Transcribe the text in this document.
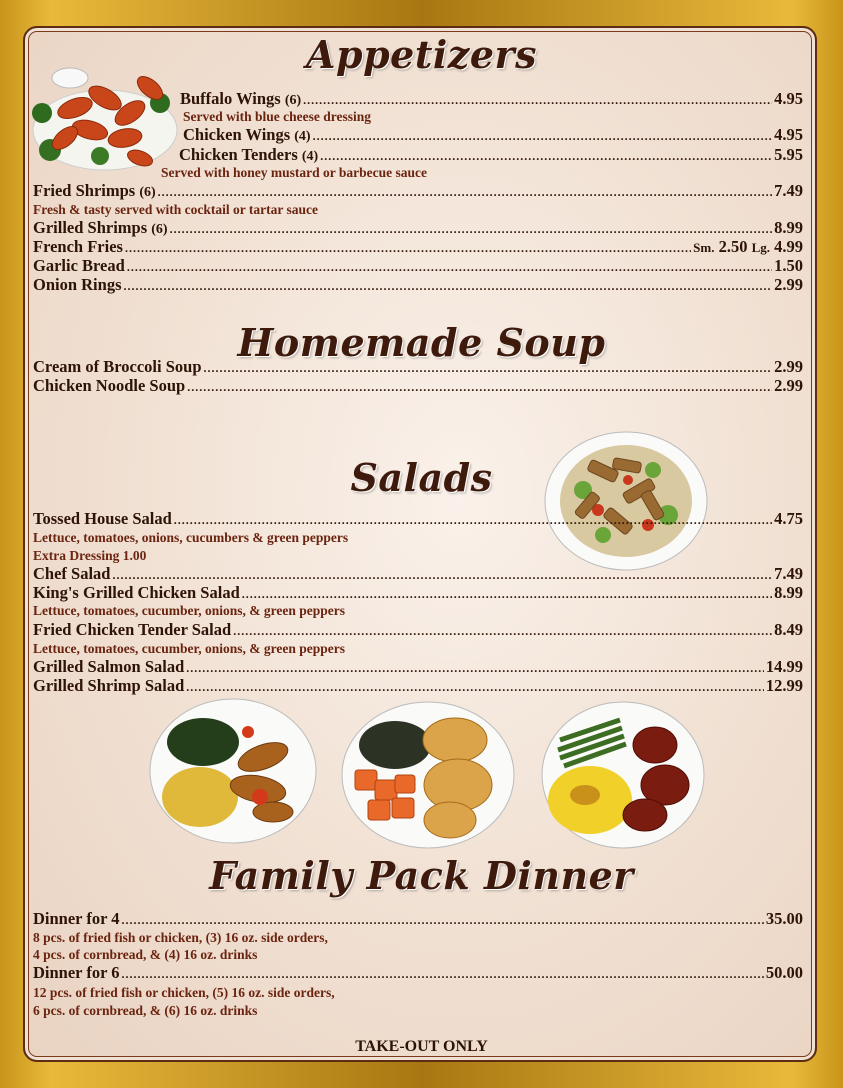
Appetizers
Buffalo Wings (6) .....	4.95
Served with blue cheese dressing
Chicken Wings (4) .....	4.95
Chicken Tenders (4) .....	5.95
Served with honey mustard or barbecue sauce
Fried Shrimps (6) .....	7.49
Fresh & tasty served with cocktail or tartar sauce
Grilled Shrimps (6) .....	8.99
French Fries .....	Sm. 2.50 Lg. 4.99
Garlic Bread .....	1.50
Onion Rings .....	2.99
Homemade Soup
Cream of Broccoli Soup .....	2.99
Chicken Noodle Soup .....	2.99
Salads
Tossed House Salad .....	4.75
Lettuce, tomatoes, onions, cucumbers & green peppers
Extra Dressing 1.00
Chef Salad .....	7.49
King's Grilled Chicken Salad .....	8.99
Lettuce, tomatoes, cucumber, onions, & green peppers
Fried Chicken Tender Salad .....	8.49
Lettuce, tomatoes, cucumber, onions, & green peppers
Grilled Salmon Salad .....	14.99
Grilled Shrimp Salad .....	12.99
Family Pack Dinner
Dinner for 4 .....	35.00
8 pcs. of fried fish or chicken, (3) 16 oz. side orders,
4 pcs. of cornbread, & (4) 16 oz. drinks
Dinner for 6 .....	50.00
12 pcs. of fried fish or chicken, (5) 16 oz. side orders,
6 pcs. of cornbread, & (6) 16 oz. drinks
TAKE-OUT ONLY
